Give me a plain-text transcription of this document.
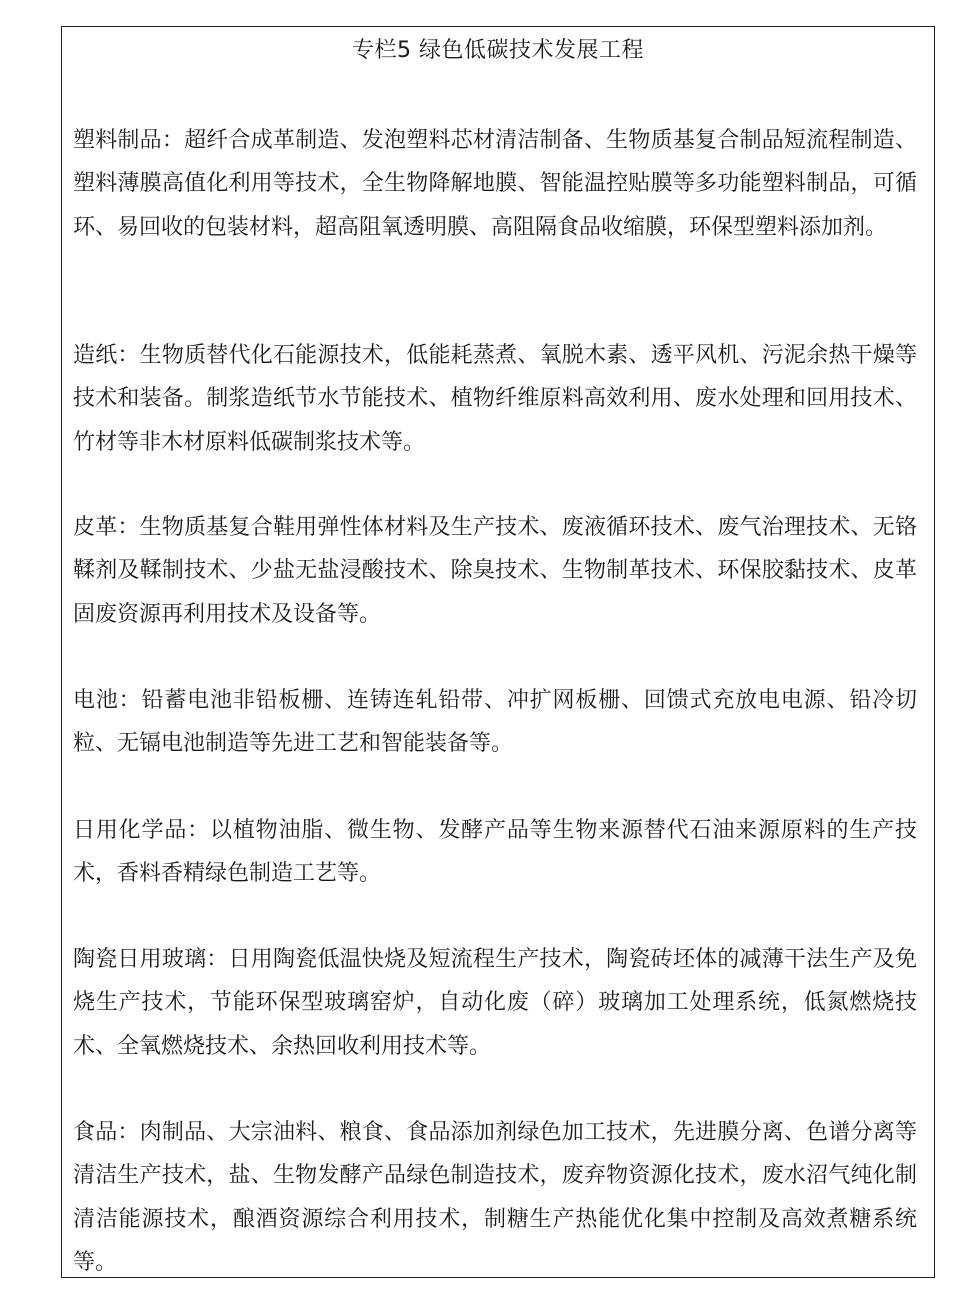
专栏5 绿色低碳技术发展工程

塑料制品：超纤合成革制造、发泡塑料芯材清洁制备、生物质基复合制品短流程制造、塑料薄膜高值化利用等技术，全生物降解地膜、智能温控贴膜等多功能塑料制品，可循环、易回收的包装材料，超高阻氧透明膜、高阻隔食品收缩膜，环保型塑料添加剂。

造纸：生物质替代化石能源技术，低能耗蒸煮、氧脱木素、透平风机、污泥余热干燥等技术和装备。制浆造纸节水节能技术、植物纤维原料高效利用、废水处理和回用技术、竹材等非木材原料低碳制浆技术等。

皮革：生物质基复合鞋用弹性体材料及生产技术、废液循环技术、废气治理技术、无铬鞣剂及鞣制技术、少盐无盐浸酸技术、除臭技术、生物制革技术、环保胶黏技术、皮革固废资源再利用技术及设备等。

电池：铅蓄电池非铅板栅、连铸连轧铅带、冲扩网板栅、回馈式充放电电源、铅冷切粒、无镉电池制造等先进工艺和智能装备等。

日用化学品：以植物油脂、微生物、发酵产品等生物来源替代石油来源原料的生产技术，香料香精绿色制造工艺等。

陶瓷日用玻璃：日用陶瓷低温快烧及短流程生产技术，陶瓷砖坯体的减薄干法生产及免烧生产技术，节能环保型玻璃窑炉，自动化废（碎）玻璃加工处理系统，低氮燃烧技术、全氧燃烧技术、余热回收利用技术等。

食品：肉制品、大宗油料、粮食、食品添加剂绿色加工技术，先进膜分离、色谱分离等清洁生产技术，盐、生物发酵产品绿色制造技术，废弃物资源化技术，废水沼气纯化制清洁能源技术，酿酒资源综合利用技术，制糖生产热能优化集中控制及高效煮糖系统等。
